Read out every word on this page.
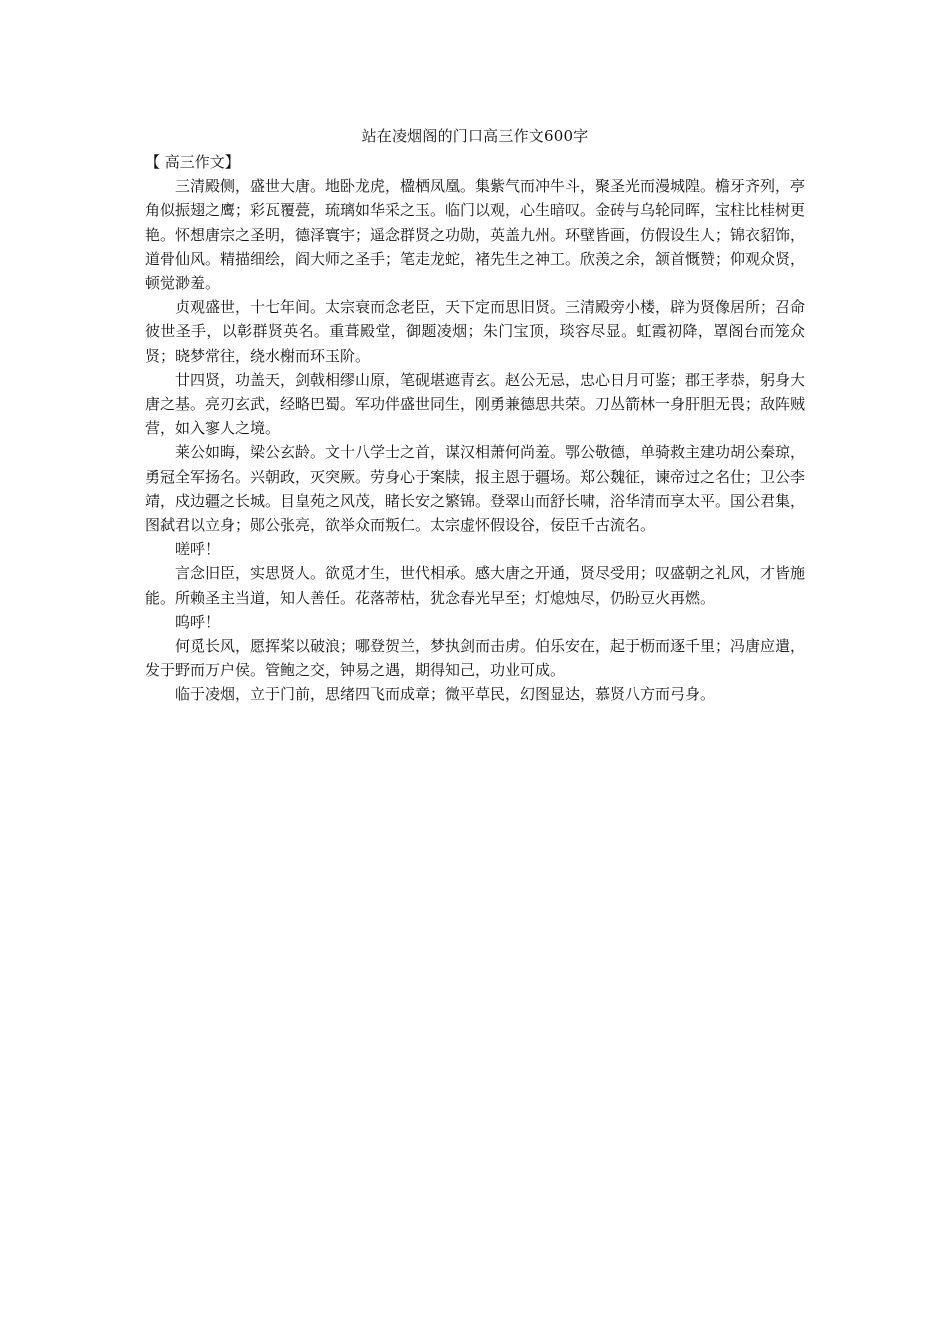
站在凌烟阁的门口高三作文600字

【 高三作文】

三清殿侧，盛世大唐。地卧龙虎，楹栖凤凰。集紫气而冲牛斗，聚圣光而漫城隍。檐牙齐列，亭角似振翅之鹰；彩瓦覆甍，琉璃如华采之玉。临门以观，心生暗叹。金砖与乌轮同晖，宝柱比桂树更艳。怀想唐宗之圣明，德泽寰宇；遥念群贤之功勋，英盖九州。环壁皆画，仿假设生人；锦衣貂饰，道骨仙风。精描细绘，阎大师之圣手；笔走龙蛇，褚先生之神工。欣羡之余，颔首慨赞；仰观众贤，顿觉渺羞。

贞观盛世，十七年间。太宗衰而念老臣，天下定而思旧贤。三清殿旁小楼，辟为贤像居所；召命彼世圣手，以彰群贤英名。重葺殿堂，御题凌烟；朱门宝顶，琰容尽显。虹霞初降，罩阁台而笼众贤；晓梦常往，绕水榭而环玉阶。

廿四贤，功盖天，剑戟相缪山原，笔砚堪遮青玄。赵公无忌，忠心日月可鉴；郡王孝恭，躬身大唐之基。亮刃玄武，经略巴蜀。军功伴盛世同生，刚勇兼德思共荣。刀丛箭林一身肝胆无畏；敌阵贼营，如入寥人之境。

莱公如晦，梁公玄龄。文十八学士之首，谋汉相萧何尚羞。鄂公敬德，单骑救主建功胡公秦琼，勇冠全军扬名。兴朝政，灭突厥。劳身心于案牍，报主恩于疆场。郑公魏征，谏帝过之名仕；卫公李靖，戍边疆之长城。目皇苑之风茂，睹长安之繁锦。登翠山而舒长啸，浴华清而享太平。国公君集，图弑君以立身；郧公张亮，欲举众而叛仁。太宗虚怀假设谷，佞臣千古流名。

嗟呼！

言念旧臣，实思贤人。欲觅才生，世代相承。感大唐之开通，贤尽受用；叹盛朝之礼风，才皆施能。所赖圣主当道，知人善任。花落蒂枯，犹念春光早至；灯熄烛尽，仍盼豆火再燃。

呜呼！

何觅长风，愿挥桨以破浪；哪登贺兰，梦执剑而击虏。伯乐安在，起于枥而逐千里；冯唐应遣，发于野而万户侯。管鲍之交，钟易之遇，期得知己，功业可成。

临于凌烟，立于门前，思绪四飞而成章；微平草民，幻图显达，慕贤八方而弓身。
